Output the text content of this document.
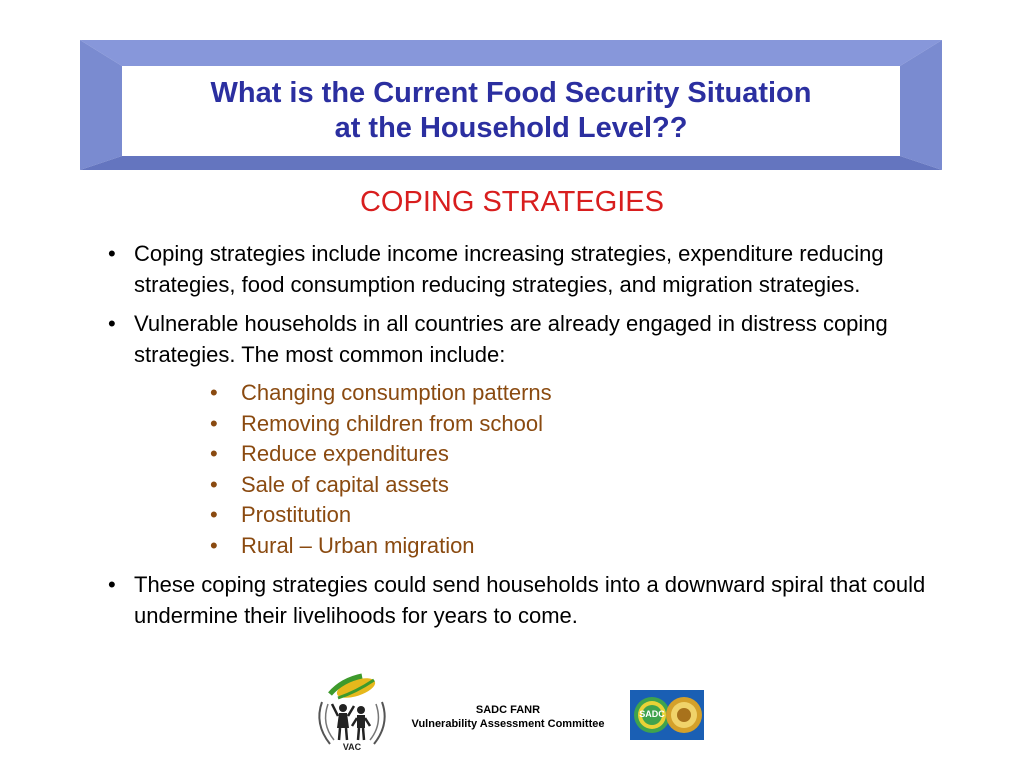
What is the Current Food Security Situation
at the Household Level??
COPING STRATEGIES
• Coping strategies include income increasing strategies, expenditure reducing strategies, food consumption reducing strategies, and migration strategies.
• Vulnerable households in all countries are already engaged in distress coping strategies. The most common include:
•	Changing consumption patterns
•	Removing children from school
•	Reduce expenditures
•	Sale of capital assets
•	Prostitution
•	Rural – Urban migration
• These coping strategies could send households into a downward spiral that could undermine their livelihoods for years to come.
VAC
SADC FANR
Vulnerability Assessment Committee
SADC
